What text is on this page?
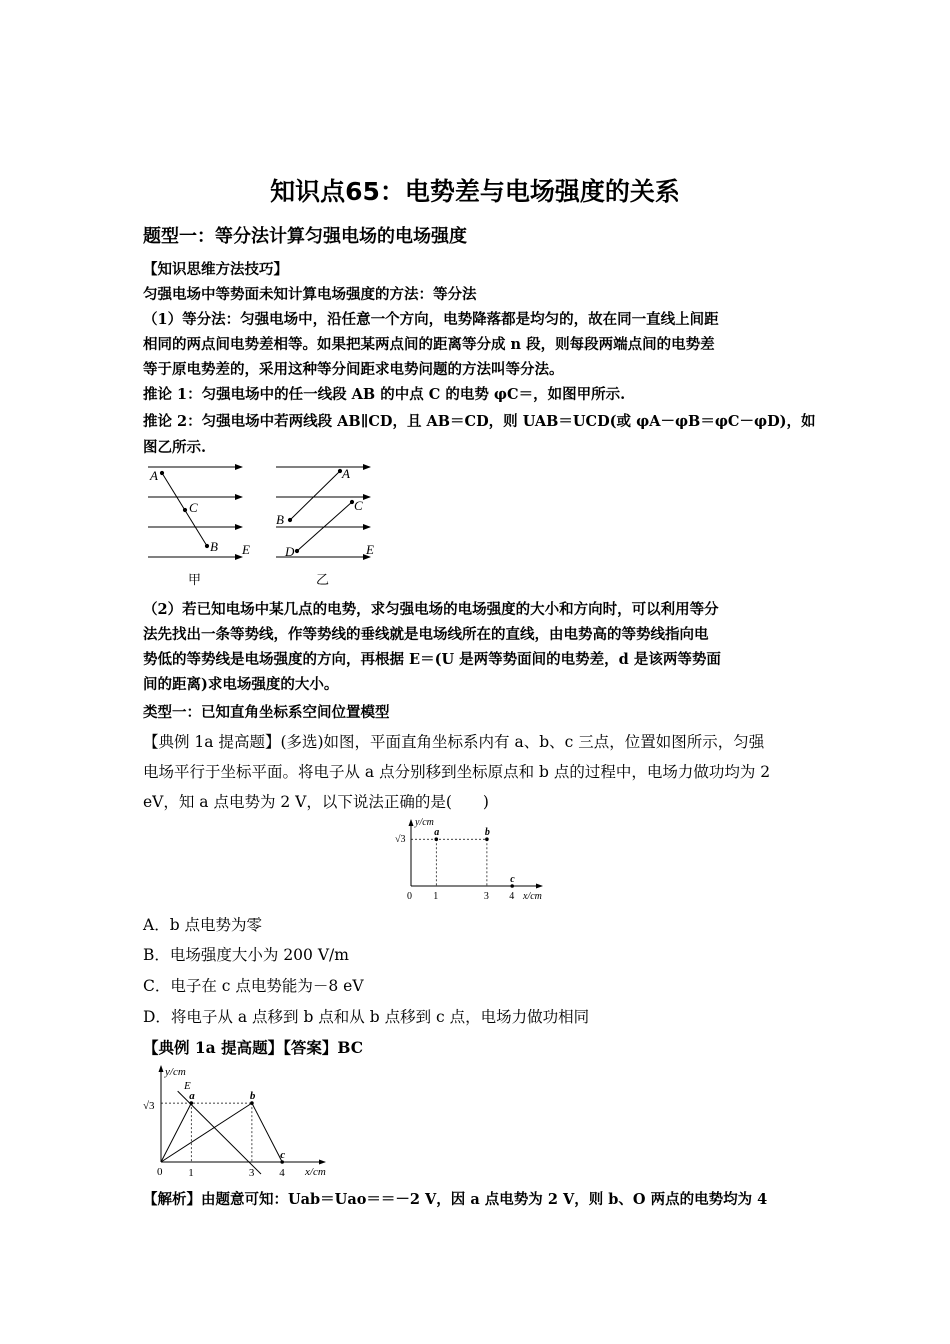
知识点65：电势差与电场强度的关系
题型一：等分法计算匀强电场的电场强度
【知识思维方法技巧】
匀强电场中等势面未知计算电场强度的方法：等分法
（1）等分法：匀强电场中，沿任意一个方向，电势降落都是均匀的，故在同一直线上间距
相同的两点间电势差相等。如果把某两点间的距离等分成 n 段，则每段两端点间的电势差
等于原电势差的，采用这种等分间距求电势问题的方法叫等分法。
推论 1：匀强电场中的任一线段 AB 的中点 C 的电势 φC＝，如图甲所示.
推论 2：匀强电场中若两线段 AB∥CD，且 AB＝CD，则 UAB＝UCD(或 φA－φB＝φC－φD)，如
图乙所示.
A
C
B E
甲
A
B
C
D	E
乙
（2）若已知电场中某几点的电势，求匀强电场的电场强度的大小和方向时，可以利用等分
法先找出一条等势线，作等势线的垂线就是电场线所在的直线，由电势高的等势线指向电
势低的等势线是电场强度的方向，再根据 E＝(U 是两等势面间的电势差，d 是该两等势面
间的距离)求电场强度的大小。
类型一：已知直角坐标系空间位置模型
【典例 1a 提高题】(多选)如图，平面直角坐标系内有 a、b、c 三点，位置如图所示，匀强
电场平行于坐标平面。将电子从 a 点分别移到坐标原点和 b 点的过程中，电场力做功均为 2
eV，知 a 点电势为 2 V，以下说法正确的是(　　)
a	b
c
y/cm
x/cm
√3
0 1	3 4
A．b 点电势为零
B．电场强度大小为 200 V/m
C．电子在 c 点电势能为－8 eV
D．将电子从 a 点移到 b 点和从 b 点移到 c 点，电场力做功相同
【典例 1a 提高题】【答案】BC
a	b
c
y/cm
x/cm
√3
0
E
1	3 4
【解析】由题意可知：Uab＝Uao＝＝－2 V，因 a 点电势为 2 V，则 b、O 两点的电势均为 4
